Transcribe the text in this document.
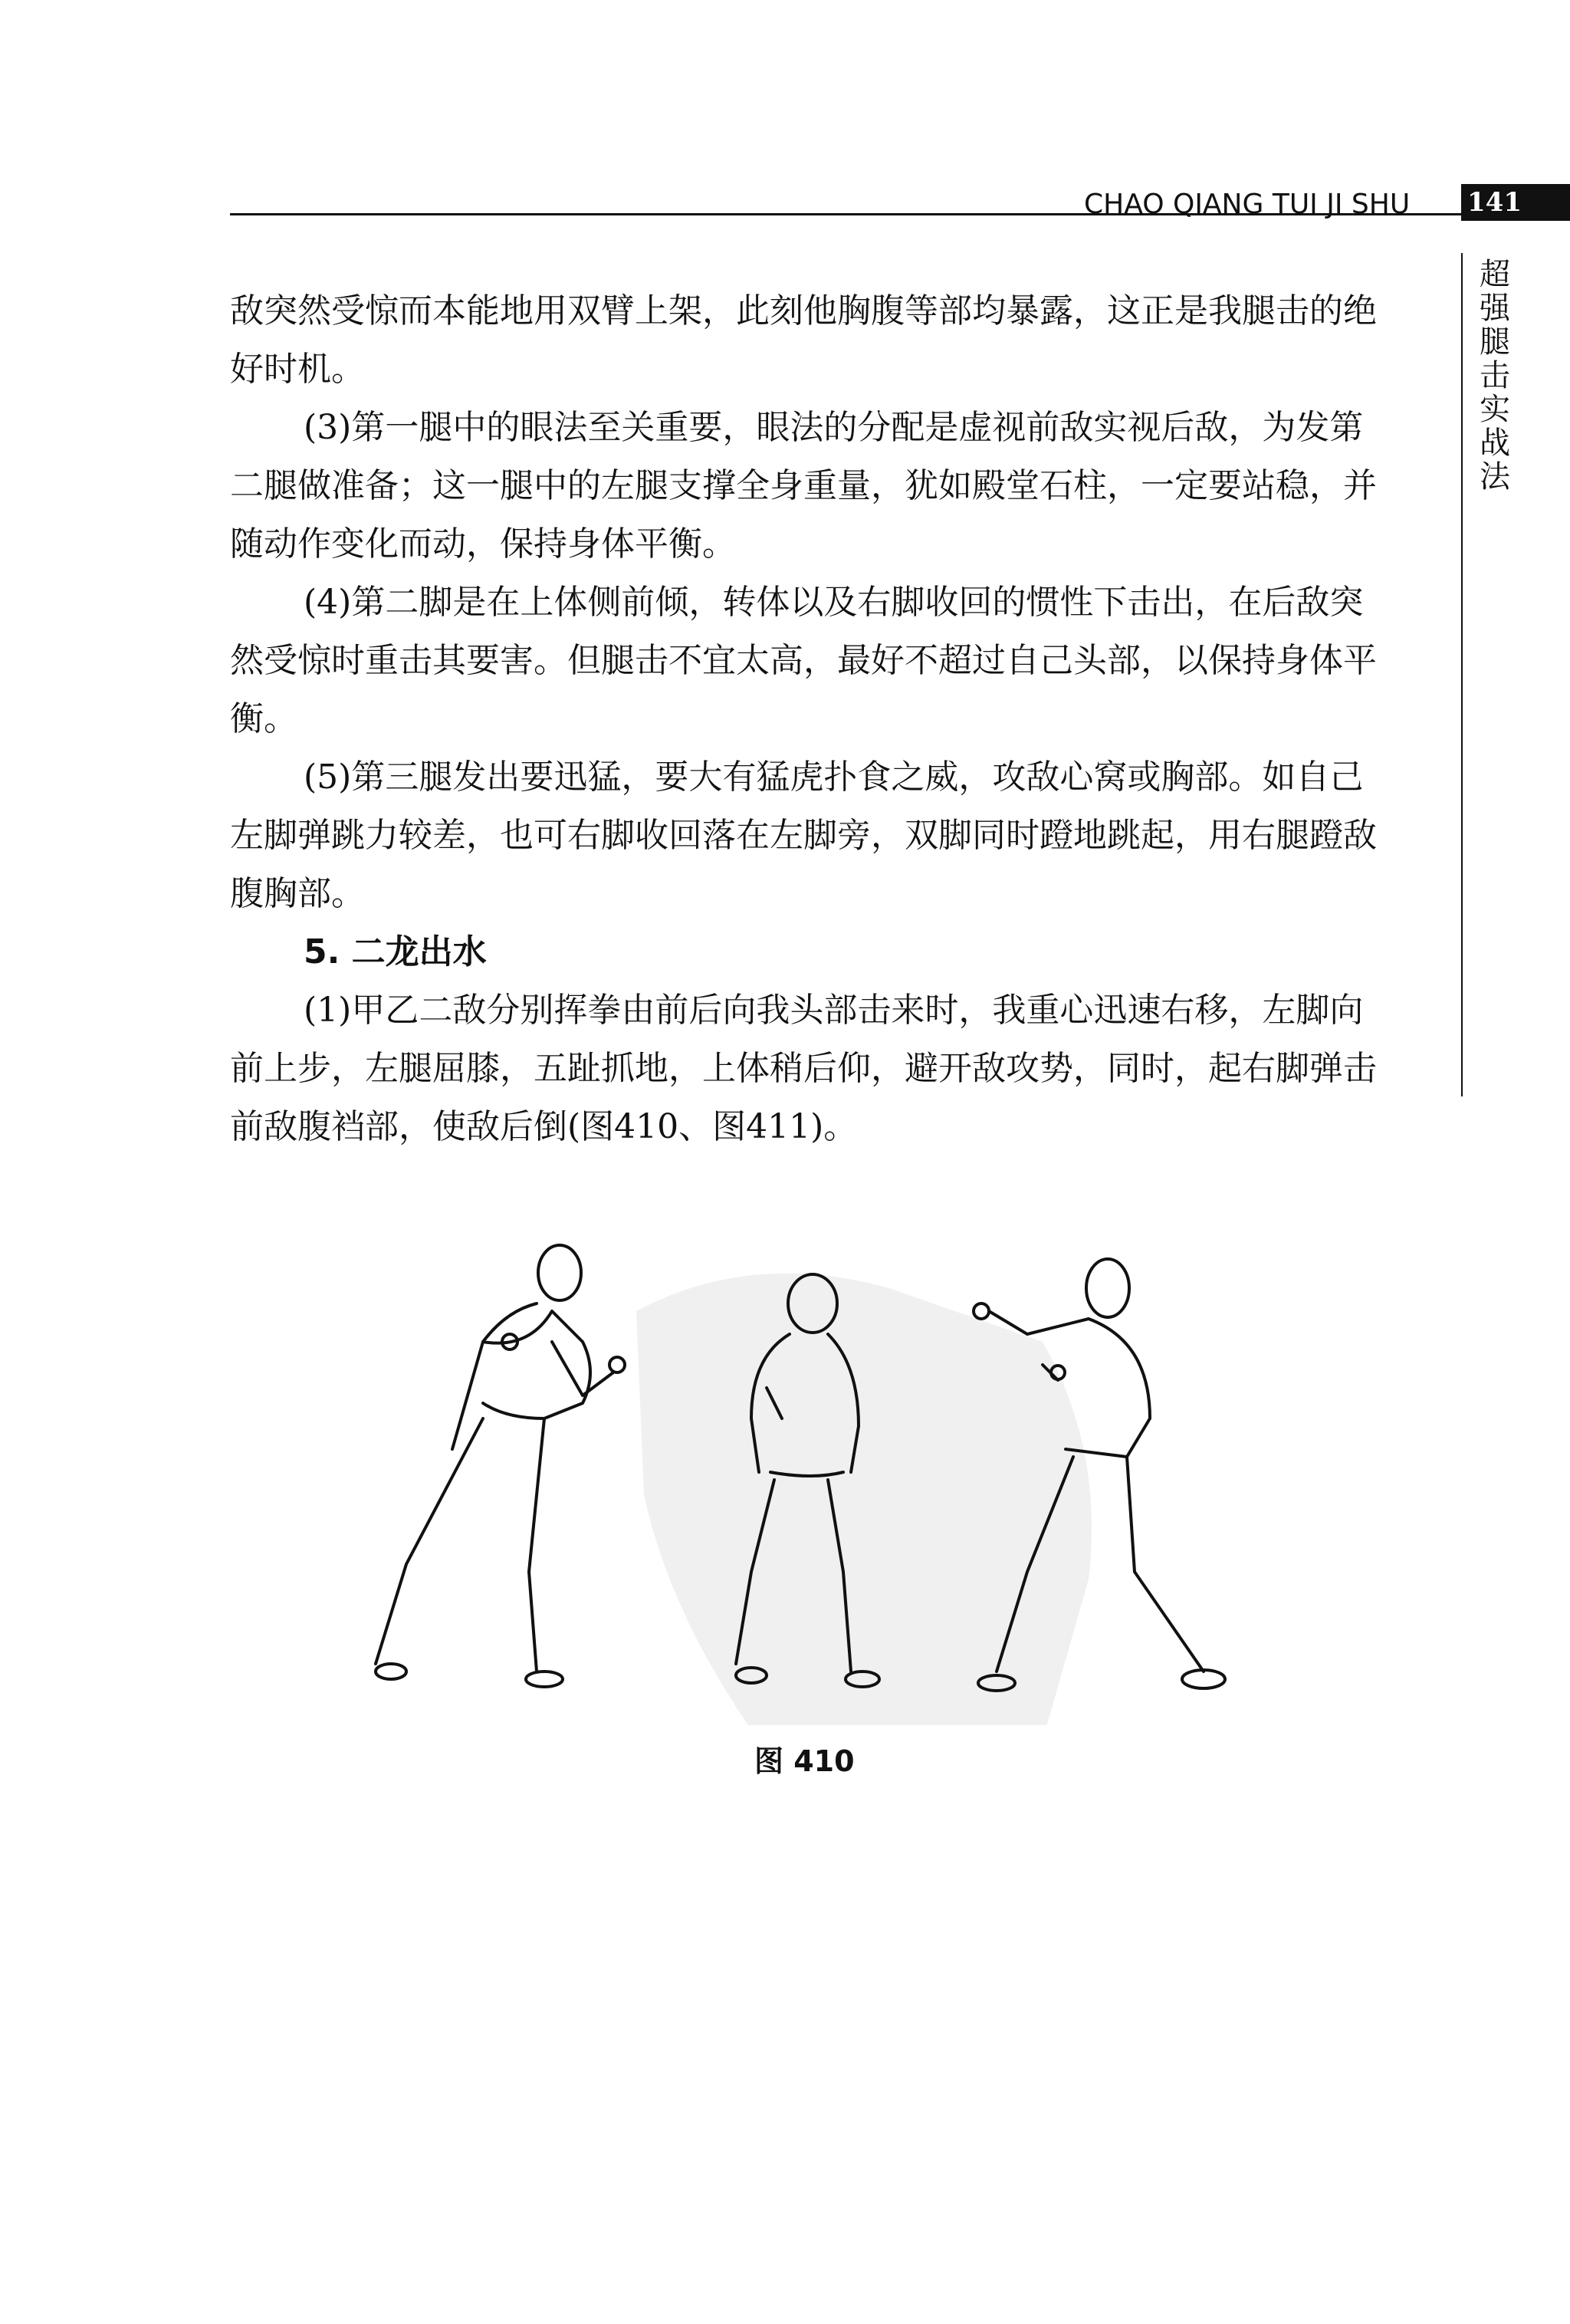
CHAO QIANG TUI JI SHU 141
超强腿击实战法

敌突然受惊而本能地用双臂上架，此刻他胸腹等部均暴露，这正是我腿击的绝好时机。

(3)第一腿中的眼法至关重要，眼法的分配是虚视前敌实视后敌，为发第二腿做准备；这一腿中的左腿支撑全身重量，犹如殿堂石柱，一定要站稳，并随动作变化而动，保持身体平衡。

(4)第二脚是在上体侧前倾，转体以及右脚收回的惯性下击出，在后敌突然受惊时重击其要害。但腿击不宜太高，最好不超过自己头部，以保持身体平衡。

(5)第三腿发出要迅猛，要大有猛虎扑食之威，攻敌心窝或胸部。如自己左脚弹跳力较差，也可右脚收回落在左脚旁，双脚同时蹬地跳起，用右腿蹬敌腹胸部。

5. 二龙出水

(1)甲乙二敌分别挥拳由前后向我头部击来时，我重心迅速右移，左脚向前上步，左腿屈膝，五趾抓地，上体稍后仰，避开敌攻势，同时，起右脚弹击前敌腹裆部，使敌后倒(图410、图411)。

图 410
